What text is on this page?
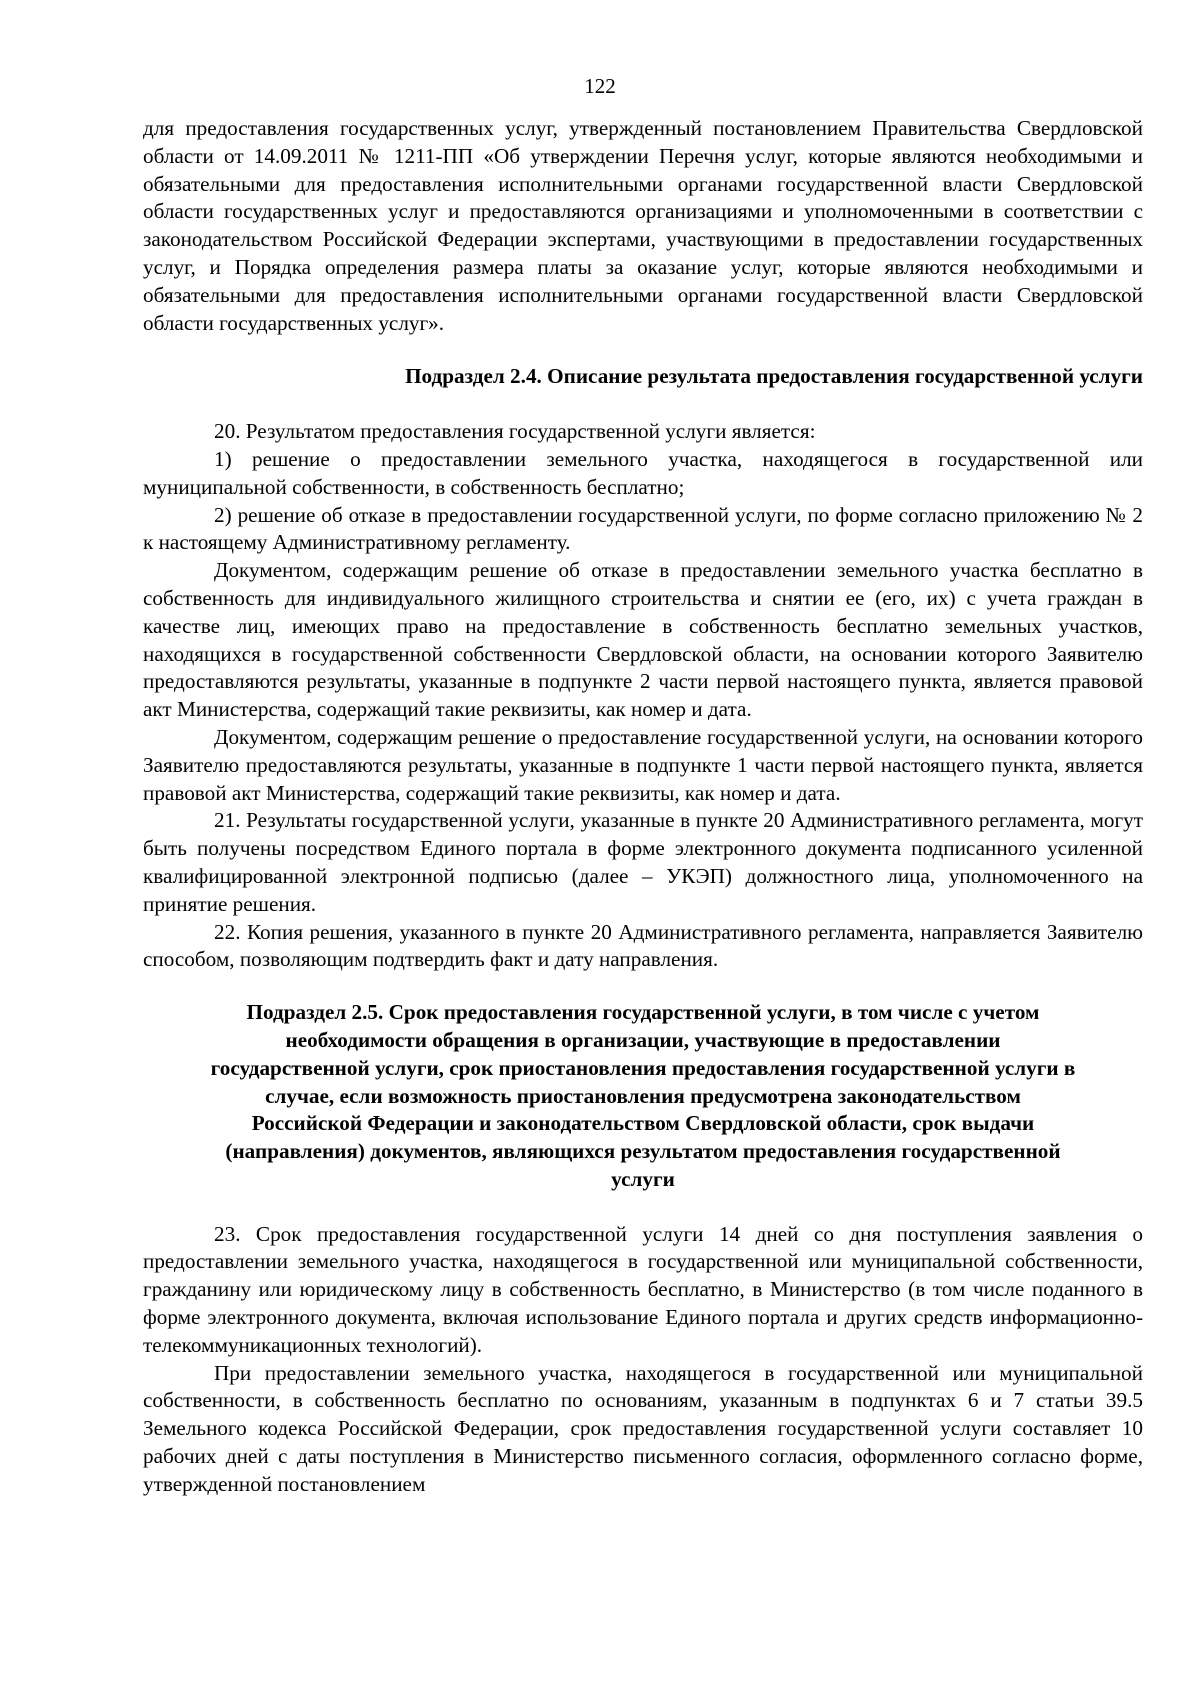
122

для предоставления государственных услуг, утвержденный постановлением Правительства Свердловской области от 14.09.2011 № 1211-ПП «Об утверждении Перечня услуг, которые являются необходимыми и обязательными для предоставления исполнительными органами государственной власти Свердловской области государственных услуг и предоставляются организациями и уполномоченными в соответствии с законодательством Российской Федерации экспертами, участвующими в предоставлении государственных услуг, и Порядка определения размера платы за оказание услуг, которые являются необходимыми и обязательными для предоставления исполнительными органами государственной власти Свердловской области государственных услуг».

Подраздел 2.4. Описание результата предоставления государственной услуги

20. Результатом предоставления государственной услуги является:

1) решение о предоставлении земельного участка, находящегося в государственной или муниципальной собственности, в собственность бесплатно;

2) решение об отказе в предоставлении государственной услуги, по форме согласно приложению № 2 к настоящему Административному регламенту.

Документом, содержащим решение об отказе в предоставлении земельного участка бесплатно в собственность для индивидуального жилищного строительства и снятии ее (его, их) с учета граждан в качестве лиц, имеющих право на предоставление в собственность бесплатно земельных участков, находящихся в государственной собственности Свердловской области, на основании которого Заявителю предоставляются результаты, указанные в подпункте 2 части первой настоящего пункта, является правовой акт Министерства, содержащий такие реквизиты, как номер и дата.

Документом, содержащим решение о предоставление государственной услуги, на основании которого Заявителю предоставляются результаты, указанные в подпункте 1 части первой настоящего пункта, является правовой акт Министерства, содержащий такие реквизиты, как номер и дата.

21. Результаты государственной услуги, указанные в пункте 20 Административного регламента, могут быть получены посредством Единого портала в форме электронного документа подписанного усиленной квалифицированной электронной подписью (далее – УКЭП) должностного лица, уполномоченного на принятие решения.

22. Копия решения, указанного в пункте 20 Административного регламента, направляется Заявителю способом, позволяющим подтвердить факт и дату направления.

Подраздел 2.5. Срок предоставления государственной услуги, в том числе с учетом
необходимости обращения в организации, участвующие в предоставлении
государственной услуги, срок приостановления предоставления государственной услуги в
случае, если возможность приостановления предусмотрена законодательством
Российской Федерации и законодательством Свердловской области, срок выдачи
(направления) документов, являющихся результатом предоставления государственной
услуги

23. Срок предоставления государственной услуги 14 дней со дня поступления заявления о предоставлении земельного участка, находящегося в государственной или муниципальной собственности, гражданину или юридическому лицу в собственность бесплатно, в Министерство (в том числе поданного в форме электронного документа, включая использование Единого портала и других средств информационно-телекоммуникационных технологий).

При предоставлении земельного участка, находящегося в государственной или муниципальной собственности, в собственность бесплатно по основаниям, указанным в подпунктах 6 и 7 статьи 39.5 Земельного кодекса Российской Федерации, срок предоставления государственной услуги составляет 10 рабочих дней с даты поступления в Министерство письменного согласия, оформленного согласно форме, утвержденной постановлением
